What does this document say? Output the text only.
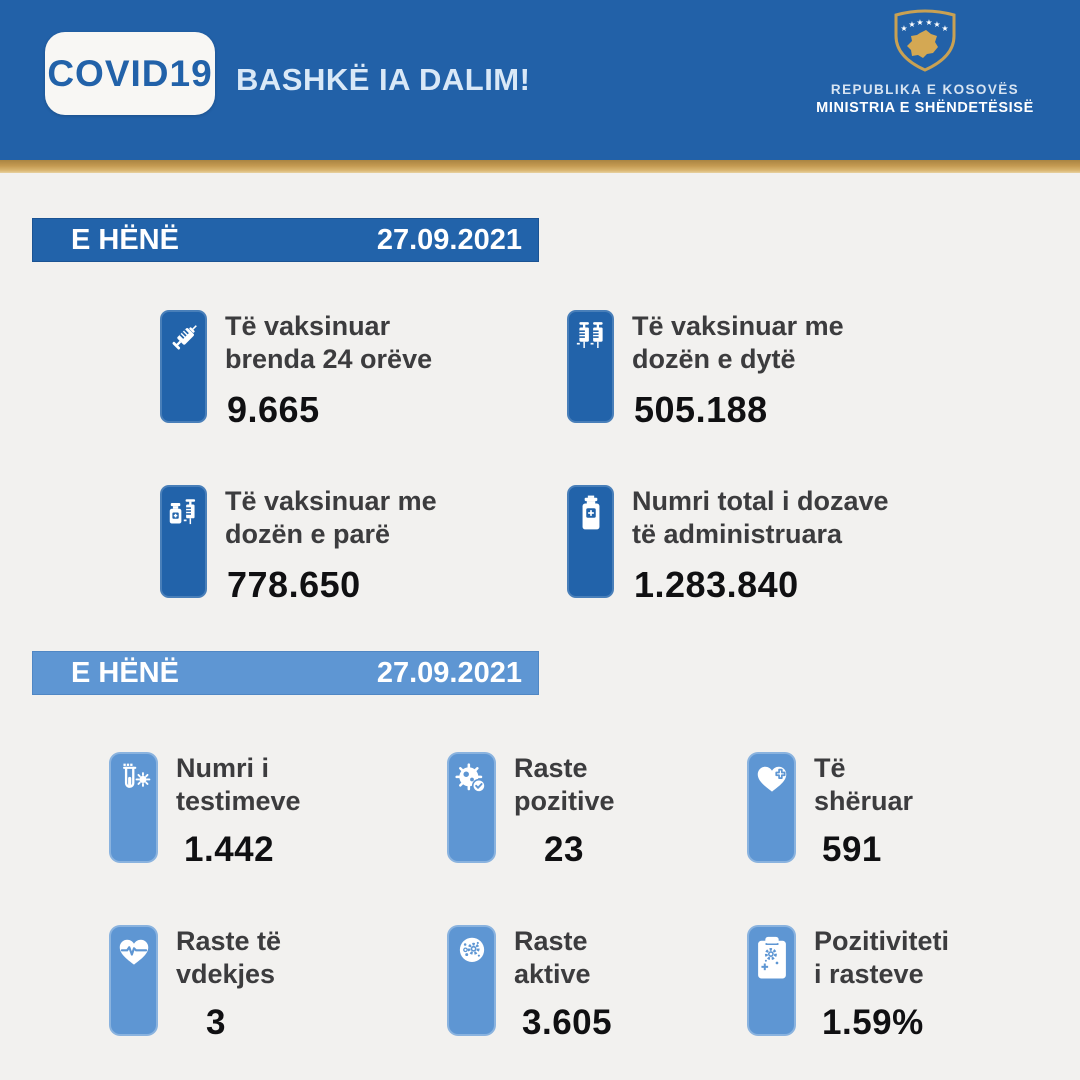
COVID19 BASHKË IA DALIM!
★ ★ ★ ★ ★ ★
REPUBLIKA E KOSOVËS
MINISTRIA E SHËNDETËSISË
E HËNË	27.09.2021
Të vaksinuar
brenda 24 orëve
9.665
Të vaksinuar me
dozën e dytë
505.188
Të vaksinuar me
dozën e parë
778.650
Numri total i dozave
të administruara
1.283.840
E HËNË	27.09.2021
Numri i
testimeve
1.442
Raste
pozitive
23
Të
shëruar
591
Raste të
vdekjes
3
Raste
aktive
3.605
Pozitiviteti
i rasteve
1.59%
